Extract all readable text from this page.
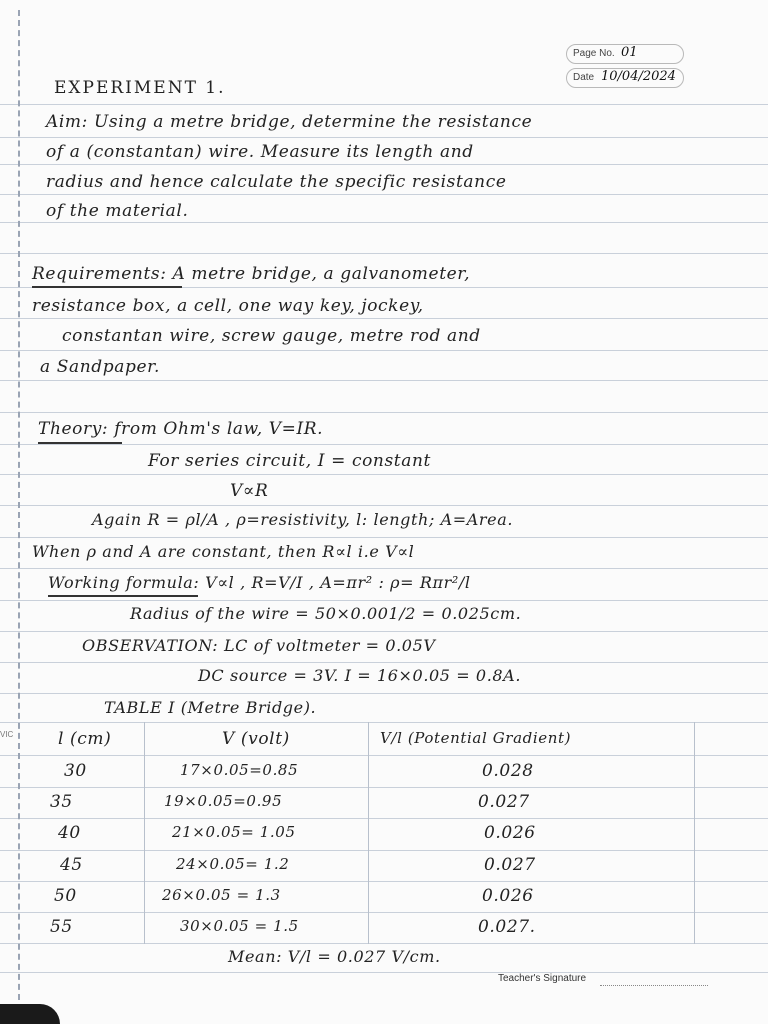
VIC
Page No. 01
Date 10/04/2024
EXPERIMENT 1.
Aim: Using a metre bridge, determine the resistance
of a (constantan) wire. Measure its length and
radius and hence calculate the specific resistance
of the material.
Requirements: A metre bridge, a galvanometer,
resistance box, a cell, one way key, jockey,
constantan wire, screw gauge, metre rod and
a Sandpaper.
Theory: from Ohm's law, V=IR.
For series circuit, I = constant
V∝R
Again R = ρl/A , ρ=resistivity, l: length; A=Area.
When ρ and A are constant, then R∝l i.e V∝l
Working formula: V∝l , R=V/I , A=πr² : ρ= Rπr²/l
Radius of the wire = 50×0.001/2 = 0.025cm.
OBSERVATION: LC of voltmeter = 0.05V
DC source = 3V. I = 16×0.05 = 0.8A.
TABLE I (Metre Bridge).
l (cm)	V (volt)	V/l (Potential Gradient)
30	17×0.05=0.85	0.028
35	19×0.05=0.95	0.027
40	21×0.05= 1.05	0.026
45	24×0.05= 1.2	0.027
50	26×0.05 = 1.3	0.026
55	30×0.05 = 1.5	0.027.
Mean: V/l = 0.027 V/cm.
Teacher's Signature
